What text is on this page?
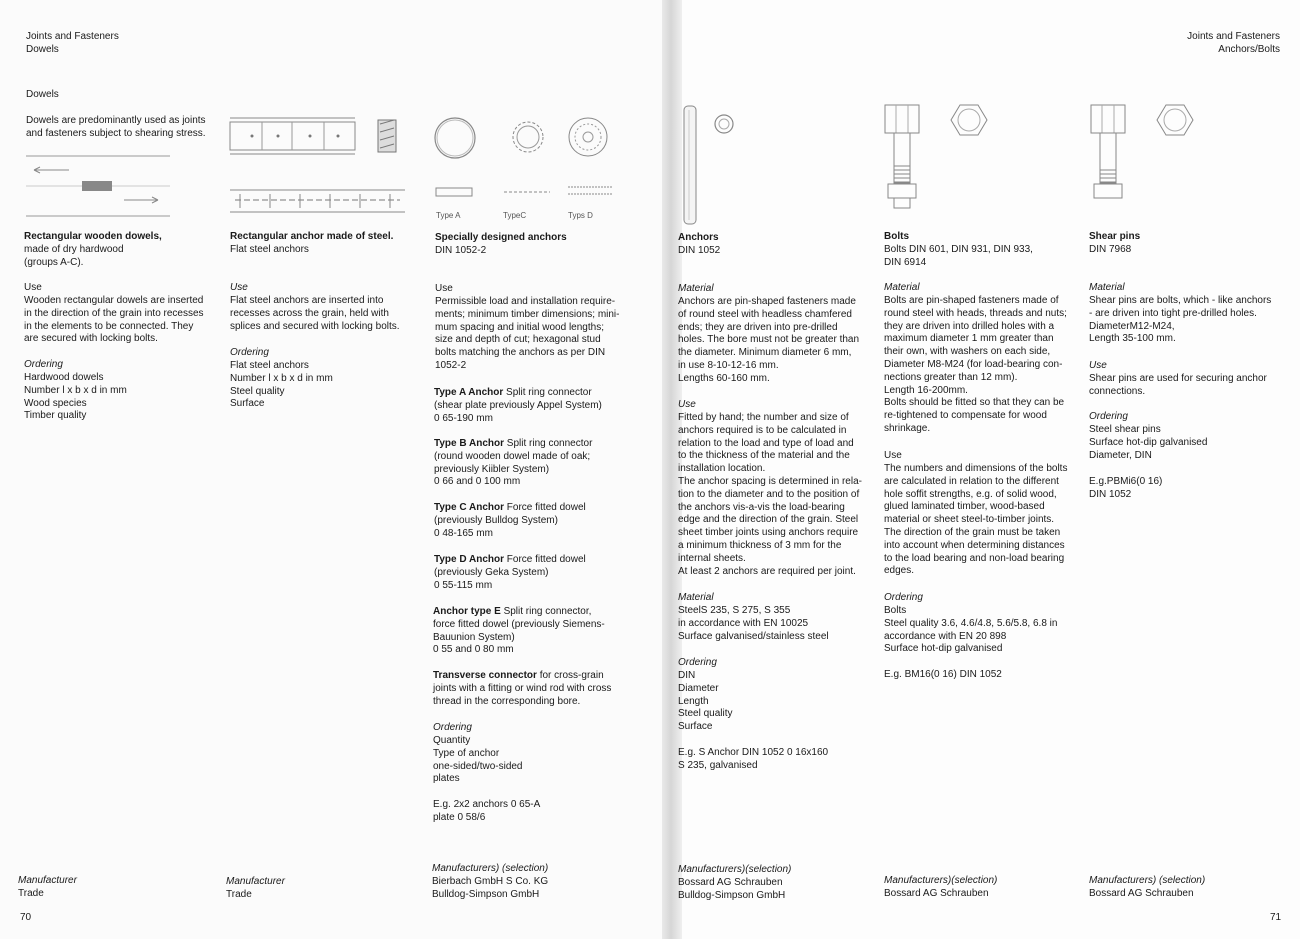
Joints and Fasteners
Dowels
Dowels
Dowels are predominantly used as joints
and fasteners subject to shearing stress.
Type A	TypeC	Typs D
Rectangular wooden dowels,
made of dry hardwood
(groups A-C).
Use
Wooden rectangular dowels are inserted
in the direction of the grain into recesses
in the elements to be connected. They
are secured with locking bolts.
Ordering
Hardwood dowels
Number l x b x d in mm
Wood species
Timber quality
Manufacturer
Trade
Rectangular anchor made of steel.
Flat steel anchors
Use
Flat steel anchors are inserted into
recesses across the grain, held with
splices and secured with locking bolts.
Ordering
Flat steel anchors
Number l x b x d in mm
Steel quality
Surface
Manufacturer
Trade
Specially designed anchors
DIN 1052-2
Use
Permissible load and installation require-
ments; minimum timber dimensions; mini-
mum spacing and initial wood lengths;
size and depth of cut; hexagonal stud
bolts matching the anchors as per DIN
1052-2
Type A Anchor Split ring connector
(shear plate previously Appel System)
0 65-190 mm
Type B Anchor Split ring connector
(round wooden dowel made of oak;
previously Kiibler System)
0 66 and 0 100 mm
Type C Anchor Force fitted dowel
(previously Bulldog System)
0 48-165 mm
Type D Anchor Force fitted dowel
(previously Geka System)
0 55-115 mm
Anchor type E Split ring connector,
force fitted dowel (previously Siemens-
Bauunion System)
0 55 and 0 80 mm
Transverse connector for cross-grain
joints with a fitting or wind rod with cross
thread in the corresponding bore.
Ordering
Quantity
Type of anchor
one-sided/two-sided
plates
E.g. 2x2 anchors 0 65-A
plate 0 58/6
Manufacturers) (selection)
Bierbach GmbH S Co. KG
Bulldog-Simpson GmbH
70
Joints and Fasteners
Anchors/Bolts
Anchors
DIN 1052
Material
Anchors are pin-shaped fasteners made
of round steel with headless chamfered
ends; they are driven into pre-drilled
holes. The bore must not be greater than
the diameter. Minimum diameter 6 mm,
in use 8-10-12-16 mm.
Lengths 60-160 mm.
Use
Fitted by hand; the number and size of
anchors required is to be calculated in
relation to the load and type of load and
to the thickness of the material and the
installation location.
The anchor spacing is determined in rela-
tion to the diameter and to the position of
the anchors vis-a-vis the load-bearing
edge and the direction of the grain. Steel
sheet timber joints using anchors require
a minimum thickness of 3 mm for the
internal sheets.
At least 2 anchors are required per joint.
Material
SteelS 235, S 275, S 355
in accordance with EN 10025
Surface galvanised/stainless steel
Ordering
DIN
Diameter
Length
Steel quality
Surface
E.g. S Anchor DIN 1052 0 16x160
S 235, galvanised
Manufacturers)(selection)
Bossard AG Schrauben
Bulldog-Simpson GmbH
Bolts
Bolts DIN 601, DIN 931, DIN 933,
DIN 6914
Material
Bolts are pin-shaped fasteners made of
round steel with heads, threads and nuts;
they are driven into drilled holes with a
maximum diameter 1 mm greater than
their own, with washers on each side,
Diameter M8-M24 (for load-bearing con-
nections greater than 12 mm).
Length 16-200mm.
Bolts should be fitted so that they can be
re-tightened to compensate for wood
shrinkage.
Use
The numbers and dimensions of the bolts
are calculated in relation to the different
hole soffit strengths, e.g. of solid wood,
glued laminated timber, wood-based
material or sheet steel-to-timber joints.
The direction of the grain must be taken
into account when determining distances
to the load bearing and non-load bearing
edges.
Ordering
Bolts
Steel quality 3.6, 4.6/4.8, 5.6/5.8, 6.8 in
accordance with EN 20 898
Surface hot-dip galvanised
E.g. BM16(0 16) DIN 1052
Manufacturers)(selection)
Bossard AG Schrauben
Shear pins
DIN 7968
Material
Shear pins are bolts, which - like anchors
- are driven into tight pre-drilled holes.
DiameterM12-M24,
Length 35-100 mm.
Use
Shear pins are used for securing anchor
connections.
Ordering
Steel shear pins
Surface hot-dip galvanised
Diameter, DIN
E.g.PBMi6(0 16)
DIN 1052
Manufacturers) (selection)
Bossard AG Schrauben
71
